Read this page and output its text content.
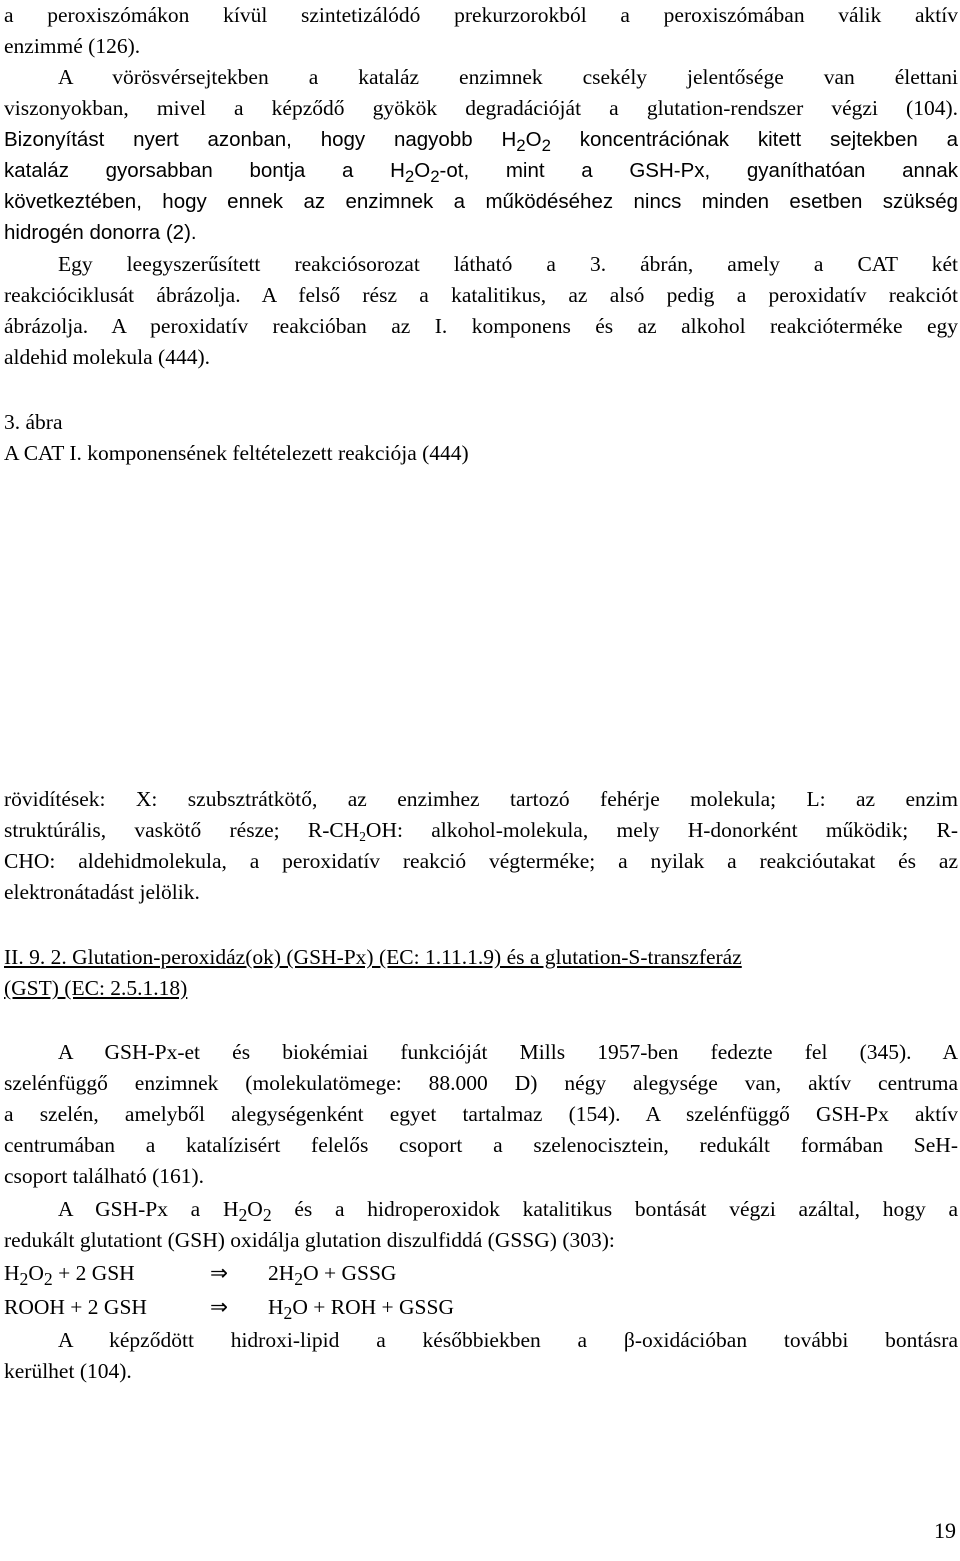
a peroxiszómákon kívül szintetizálódó prekurzorokból a peroxiszómában válik aktív
enzimmé (126).
A vörösvérsejtekben a kataláz enzimnek csekély jelentősége van élettani
viszonyokban, mivel a képződő gyökök degradációját a glutation-rendszer végzi (104).
Bizonyítást nyert azonban, hogy nagyobb $H_2O_2$ koncentrációnak kitett sejtekben a
kataláz gyorsabban bontja a $H_2O_2-ot$, mint a GSH-Px, gyaníthatóan annak
következtében, hogy ennek az enzimnek a működéséhez nincs minden esetben szükség
hidrogén donorra (2).
Egy leegyszerűsített reakciósorozat látható a 3. ábrán, amely a CAT két
reakcióciklusát ábrázolja. A felső rész a katalitikus, az alsó pedig a peroxidatív reakciót
ábrázolja. A peroxidatív reakcióban az I. komponens és az alkohol reakcióterméke egy
aldehid molekula (444).
3. ábra
A CAT I. komponensének feltételezett reakciója (444)
rövidítések: X: szubsztrátkötő, az enzimhez tartozó fehérje molekula; L: az enzim
struktúrális, vaskötő része; R-CH2OH: alkohol-molekula, mely H-donorként működik; R-
CHO: aldehidmolekula, a peroxidatív reakció végterméke; a nyilak a reakcióutakat és az
elektronátadást jelölik.
II. 9. 2. Glutation-peroxidáz(ok) (GSH-Px) (EC: 1.11.1.9) és a glutation-S-transzferáz
(GST) (EC: 2.5.1.18)
A GSH-Px-et és biokémiai funkcióját Mills 1957-ben fedezte fel (345). A
szelénfüggő enzimnek (molekulatömege: 88.000 D) négy alegysége van, aktív centruma
a szelén, amelyből alegységenként egyet tartalmaz (154). A szelénfüggő GSH-Px aktív
centrumában a katalízisért felelős csoport a szelenocisztein, redukált formában SeH-
csoport található (161).
A GSH-Px a $H_2O_2$ és a hidroperoxidok katalitikus bontását végzi azáltal, hogy a
redukált glutationt (GSH) oxidálja glutation diszulfiddá (GSSG) (303):
$H_2O_2 + 2$ GSH	⇒ $2H_2O$ + GSSG
ROOH + 2 GSH	⇒ $H_2O$ + ROH + GSSG
A képződött hidroxi-lipid a későbbiekben a β-oxidációban további bontásra
kerülhet (104).
19
